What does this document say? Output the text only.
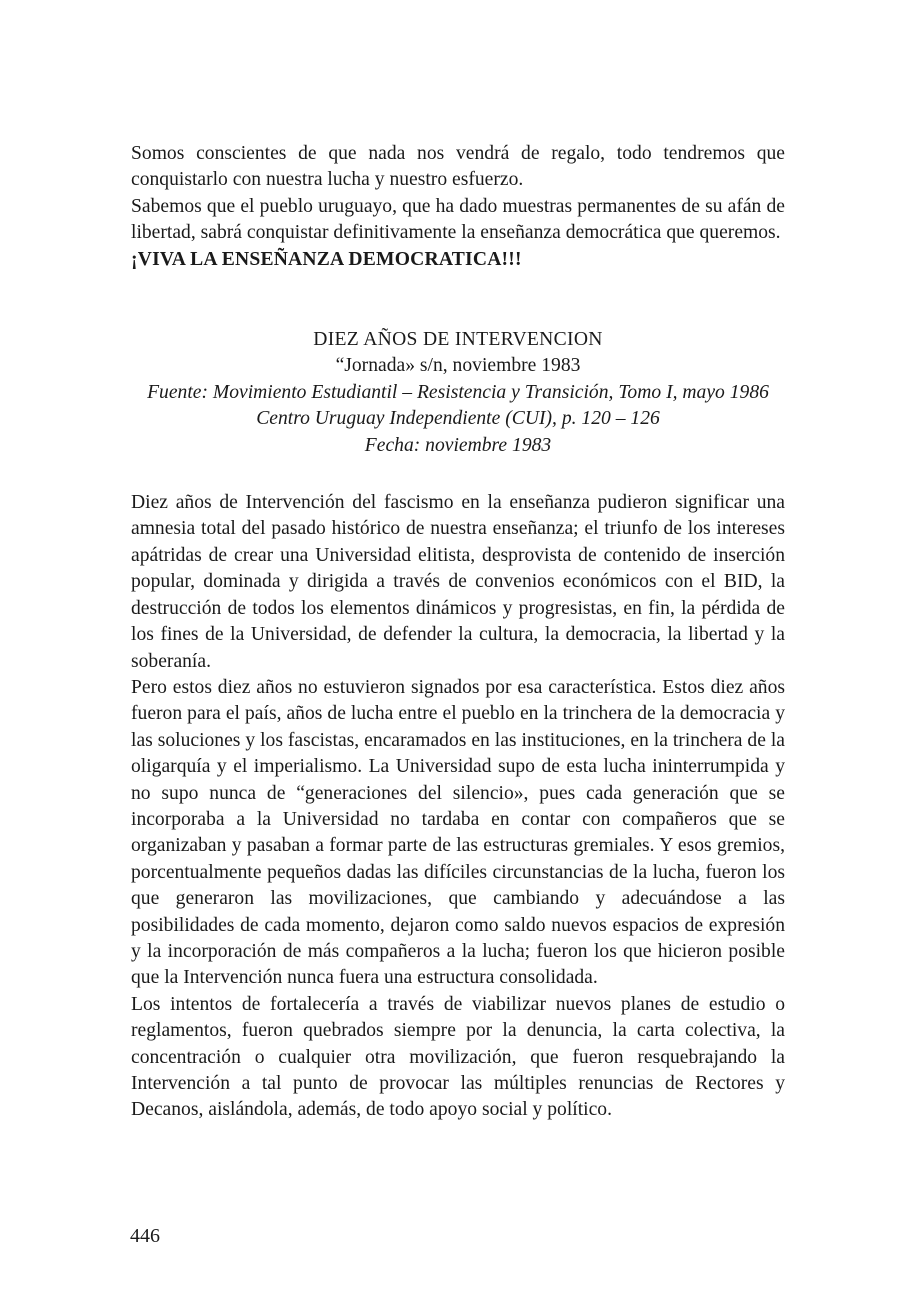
Somos conscientes de que nada nos vendrá de regalo, todo tendremos que conquistarlo con nuestra lucha y nuestro esfuerzo.

Sabemos que el pueblo uruguayo, que ha dado muestras permanentes de su afán de libertad, sabrá conquistar definitivamente la enseñanza democrática que queremos.

¡VIVA LA ENSEÑANZA DEMOCRATICA!!!

DIEZ AÑOS DE INTERVENCION
“Jornada» s/n, noviembre 1983
Fuente: Movimiento Estudiantil – Resistencia y Transición, Tomo I, mayo 1986
Centro Uruguay Independiente (CUI), p. 120 – 126
Fecha: noviembre 1983

Diez años de Intervención del fascismo en la enseñanza pudieron significar una amnesia total del pasado histórico de nuestra enseñanza; el triunfo de los intereses apátridas de crear una Universidad elitista, desprovista de contenido de inserción popular, dominada y dirigida a través de convenios económicos con el BID, la destrucción de todos los elementos dinámicos y progresistas, en fin, la pérdida de los fines de la Universidad, de defender la cultura, la democracia, la libertad y la soberanía.

Pero estos diez años no estuvieron signados por esa característica. Estos diez años fueron para el país, años de lucha entre el pueblo en la trinchera de la democracia y las soluciones y los fascistas, encaramados en las instituciones, en la trinchera de la oligarquía y el imperialismo. La Universidad supo de esta lucha ininterrumpida y no supo nunca de “generaciones del silencio», pues cada generación que se incorporaba a la Universidad no tardaba en contar con compañeros que se organizaban y pasaban a formar parte de las estructuras gremiales. Y esos gremios, porcentualmente pequeños dadas las difíciles circunstancias de la lucha, fueron los que generaron las movilizaciones, que cambiando y adecuándose a las posibilidades de cada momento, dejaron como saldo nuevos espacios de expresión y la incorporación de más compañeros a la lucha; fueron los que hicieron posible que la Intervención nunca fuera una estructura consolidada.

Los intentos de fortalecería a través de viabilizar nuevos planes de estudio o reglamentos, fueron quebrados siempre por la denuncia, la carta colectiva, la concentración o cualquier otra movilización, que fueron resquebrajando la Intervención a tal punto de provocar las múltiples renuncias de Rectores y Decanos, aislándola, además, de todo apoyo social y político.

446
